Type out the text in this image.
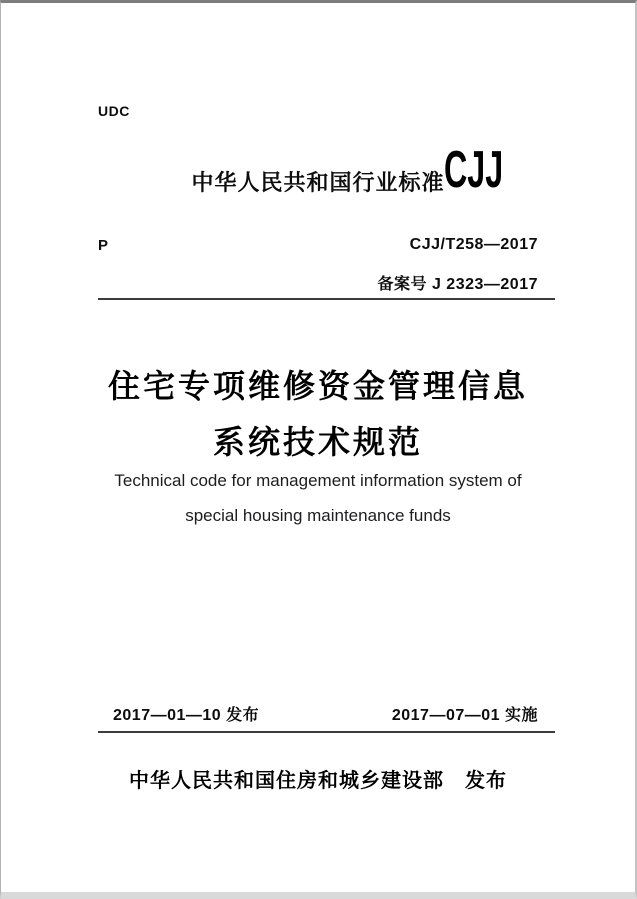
UDC
中华人民共和国行业标准 CJJ
P	CJJ/T258—2017
备案号 J 2323—2017
住宅专项维修资金管理信息
系统技术规范
Technical code for management information system of
special housing maintenance funds
2017—01—10 发布	2017—07—01 实施
中华人民共和国住房和城乡建设部　发布
